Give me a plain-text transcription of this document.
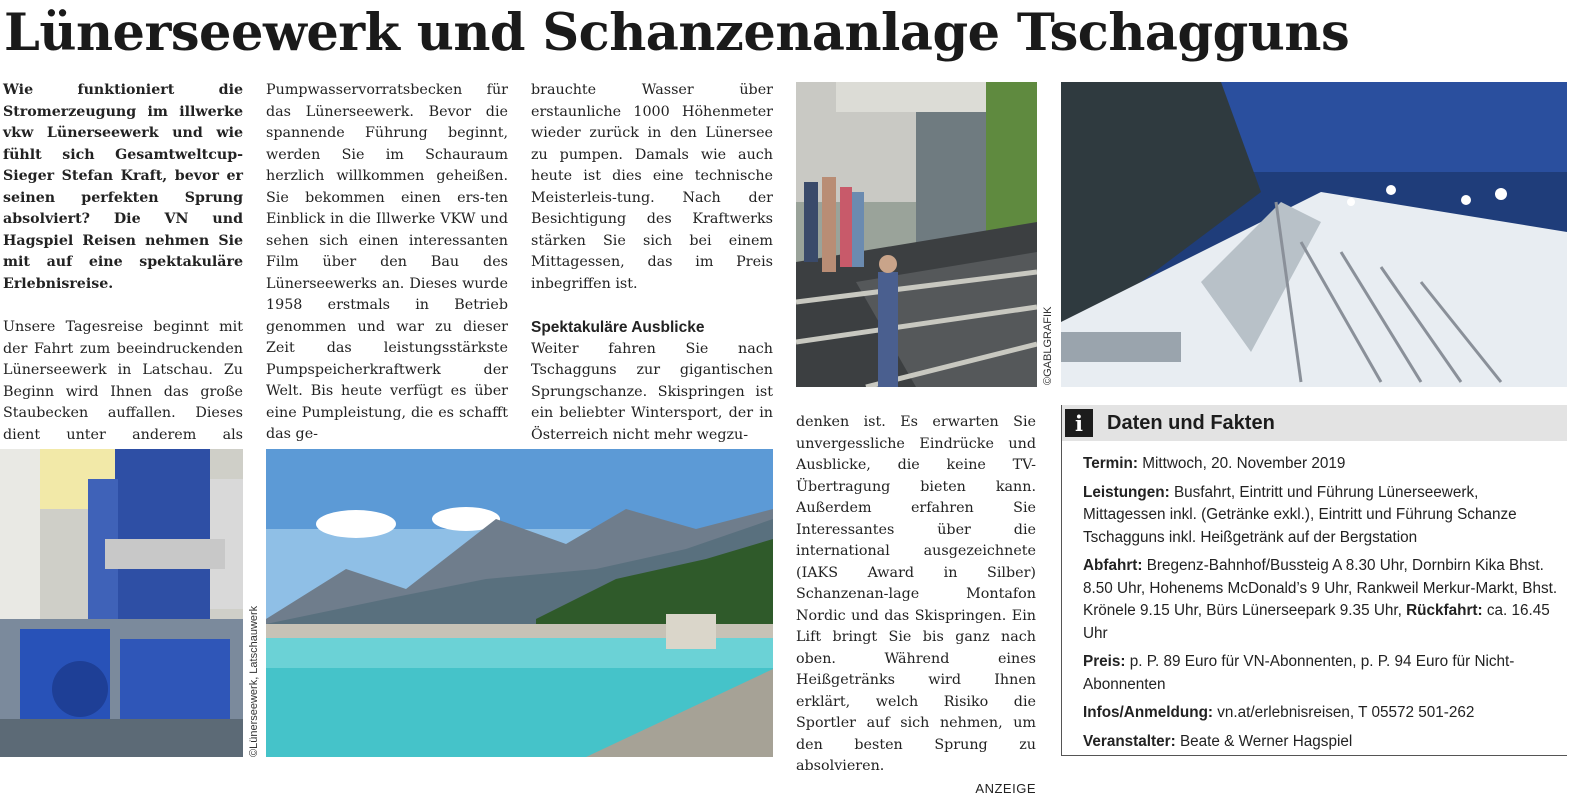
Lünerseewerk und Schanzenanlage Tschagguns

Wie funktioniert die Stromerzeugung im illwerke vkw Lünerseewerk und wie fühlt sich Gesamtweltcup-Sieger Stefan Kraft, bevor er seinen perfekten Sprung absolviert? Die VN und Hagspiel Reisen nehmen Sie mit auf eine spektakuläre Erlebnisreise.

Unsere Tagesreise beginnt mit der Fahrt zum beeindruckenden Lünerseewerk in Latschau. Zu Beginn wird Ihnen das große Staubecken auffallen. Dieses dient unter anderem als

Pumpwasservorratsbecken für das Lünerseewerk. Bevor die spannende Führung beginnt, werden Sie im Schauraum herzlich willkommen geheißen. Sie bekommen einen ers-ten Einblick in die Illwerke VKW und sehen sich einen interessanten Film über den Bau des Lünerseewerks an. Dieses wurde 1958 erstmals in Betrieb genommen und war zu dieser Zeit das leistungsstärkste Pumpspeicherkraftwerk der Welt. Bis heute verfügt es über eine Pumpleistung, die es schafft das ge-

brauchte Wasser über erstaunliche 1000 Höhenmeter wieder zurück in den Lünersee zu pumpen. Damals wie auch heute ist dies eine technische Meisterleis-tung. Nach der Besichtigung des Kraftwerks stärken Sie sich bei einem Mittagessen, das im Preis inbegriffen ist.

Spektakuläre Ausblicke

Weiter fahren Sie nach Tschagguns zur gigantischen Sprungschanze. Skispringen ist ein beliebter Wintersport, der in Österreich nicht mehr wegzu-

denken ist. Es erwarten Sie unvergessliche Eindrücke und Ausblicke, die keine TV-Übertragung bieten kann. Außerdem erfahren Sie Interessantes über die international ausgezeichnete (IAKS Award in Silber) Schanzenan-lage Montafon Nordic und das Skispringen. Ein Lift bringt Sie bis ganz nach oben. Während eines Heißgetränks wird Ihnen erklärt, welch Risiko die Sportler auf sich nehmen, um den besten Sprung zu absolvieren.

ANZEIGE
©GABLGRAFIK
©Lünerseewerk, Latschauwerk
i	Daten und Fakten

Termin: Mittwoch, 20. November 2019

Leistungen: Busfahrt, Eintritt und Führung Lünerseewerk, Mittagessen inkl. (Getränke exkl.), Eintritt und Führung Schanze Tschagguns inkl. Heißgetränk auf der Bergstation

Abfahrt: Bregenz-Bahnhof/Bussteig A 8.30 Uhr, Dornbirn Kika Bhst. 8.50 Uhr, Hohenems McDonald’s 9 Uhr, Rankweil Merkur-Markt, Bhst. Krönele 9.15 Uhr, Bürs Lünerseepark 9.35 Uhr, Rückfahrt: ca. 16.45 Uhr

Preis: p. P. 89 Euro für VN-Abonnenten, p. P. 94 Euro für Nicht-Abonnenten

Infos/Anmeldung: vn.at/erlebnisreisen, T 05572 501-262

Veranstalter: Beate & Werner Hagspiel
